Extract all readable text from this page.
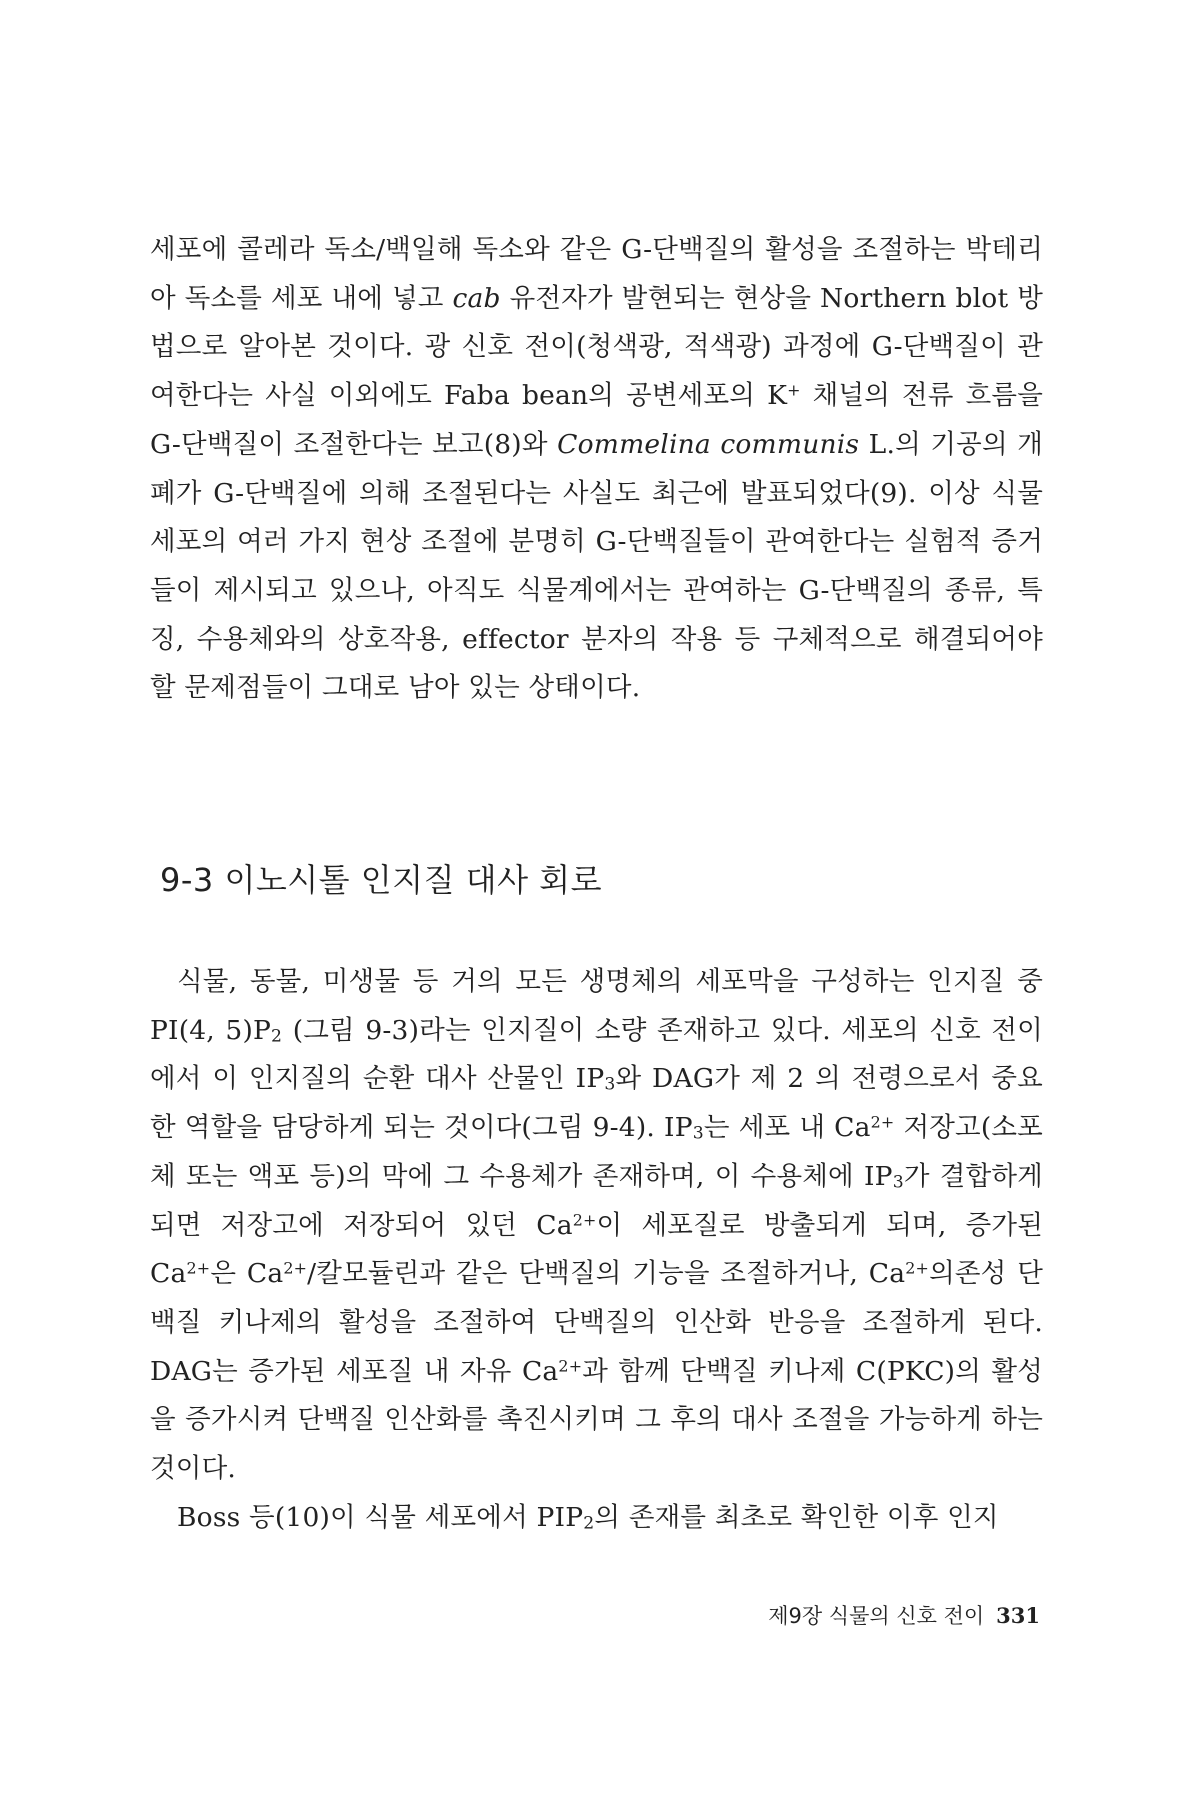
세포에 콜레라 독소/백일해 독소와 같은 G-단백질의 활성을 조절하는 박테리아 독소를 세포 내에 넣고 cab 유전자가 발현되는 현상을 Northern blot 방법으로 알아본 것이다. 광 신호 전이(청색광, 적색광) 과정에 G-단백질이 관여한다는 사실 이외에도 Faba bean의 공변세포의 K+ 채널의 전류 흐름을 G-단백질이 조절한다는 보고(8)와 Commelina communis L.의 기공의 개폐가 G-단백질에 의해 조절된다는 사실도 최근에 발표되었다(9). 이상 식물 세포의 여러 가지 현상 조절에 분명히 G-단백질들이 관여한다는 실험적 증거들이 제시되고 있으나, 아직도 식물계에서는 관여하는 G-단백질의 종류, 특징, 수용체와의 상호작용, effector 분자의 작용 등 구체적으로 해결되어야 할 문제점들이 그대로 남아 있는 상태이다.

9-3 이노시톨 인지질 대사 회로

식물, 동물, 미생물 등 거의 모든 생명체의 세포막을 구성하는 인지질 중 PI(4, 5)P2 (그림 9-3)라는 인지질이 소량 존재하고 있다. 세포의 신호 전이에서 이 인지질의 순환 대사 산물인 IP3와 DAG가 제 2 의 전령으로서 중요한 역할을 담당하게 되는 것이다(그림 9-4). IP3는 세포 내 $Ca^{2+}$ 저장고(소포체 또는 액포 등)의 막에 그 수용체가 존재하며, 이 수용체에 IP3가 결합하게 되면 저장고에 저장되어 있던 $Ca^{2+}$이 세포질로 방출되게 되며, 증가된 $Ca^{2+}$은 $Ca^{2+}/$칼모듈린과 같은 단백질의 기능을 조절하거나, $Ca^{2+}$의존성 단백질 키나제의 활성을 조절하여 단백질의 인산화 반응을 조절하게 된다. DAG는 증가된 세포질 내 자유 $Ca^{2+}$과 함께 단백질 키나제 C(PKC)의 활성을 증가시켜 단백질 인산화를 촉진시키며 그 후의 대사 조절을 가능하게 하는 것이다.

Boss 등(10)이 식물 세포에서 PIP2의 존재를 최초로 확인한 이후 인지

제9장 식물의 신호 전이 331
